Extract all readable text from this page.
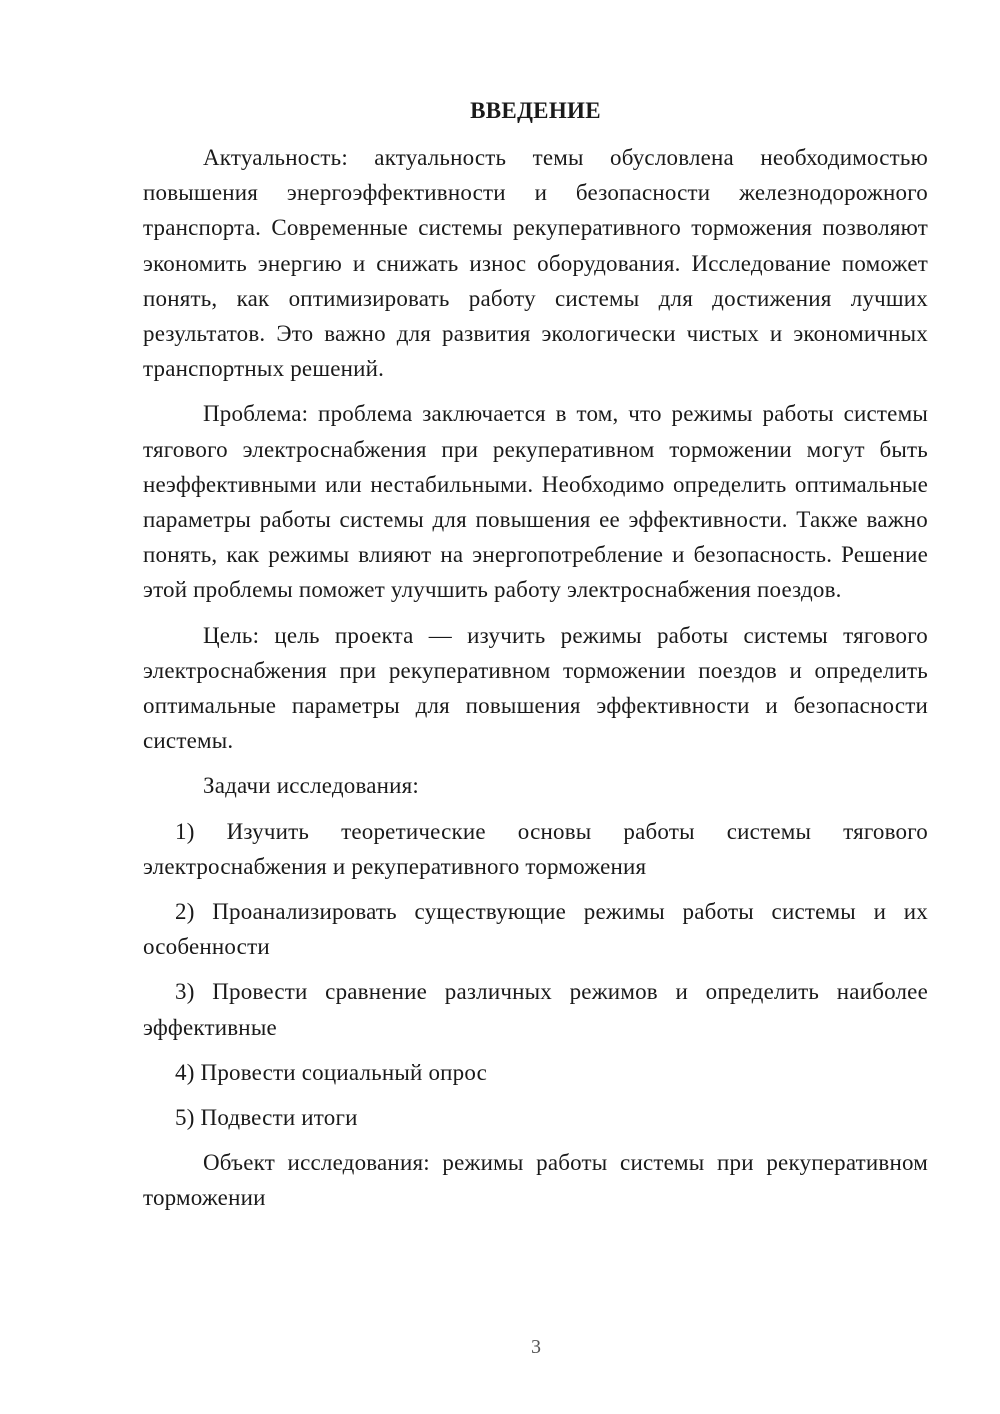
ВВЕДЕНИЕ

Актуальность: актуальность темы обусловлена необходимостью повышения энергоэффективности и безопасности железнодорожного транспорта. Современные системы рекуперативного торможения позволяют экономить энергию и снижать износ оборудования. Исследование поможет понять, как оптимизировать работу системы для достижения лучших результатов. Это важно для развития экологически чистых и экономичных транспортных решений.

Проблема: проблема заключается в том, что режимы работы системы тягового электроснабжения при рекуперативном торможении могут быть неэффективными или нестабильными. Необходимо определить оптимальные параметры работы системы для повышения ее эффективности. Также важно понять, как режимы влияют на энергопотребление и безопасность. Решение этой проблемы поможет улучшить работу электроснабжения поездов.

Цель: цель проекта — изучить режимы работы системы тягового электроснабжения при рекуперативном торможении поездов и определить оптимальные параметры для повышения эффективности и безопасности системы.

Задачи исследования:

1) Изучить теоретические основы работы системы тягового электроснабжения и рекуперативного торможения

2) Проанализировать существующие режимы работы системы и их особенности

3) Провести сравнение различных режимов и определить наиболее эффективные

4) Провести социальный опрос

5) Подвести итоги

Объект исследования: режимы работы системы при рекуперативном торможении

3
